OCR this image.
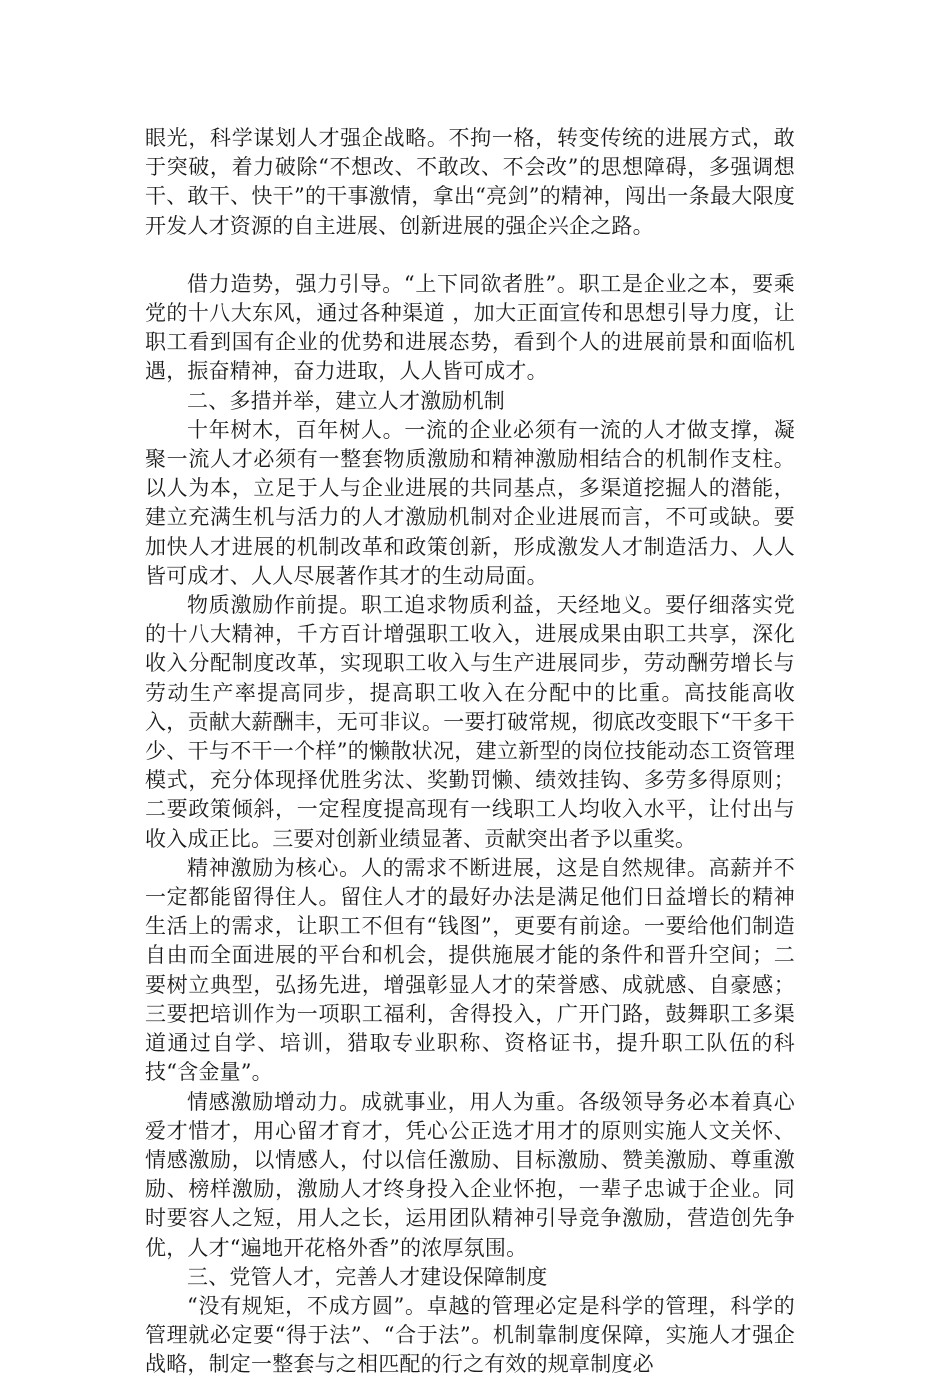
眼光，科学谋划人才强企战略。不拘一格，转变传统的进展方式，敢于突破，着力破除“不想改、不敢改、不会改”的思想障碍，多强调想干、敢干、快干”的干事激情，拿出“亮剑”的精神，闯出一条最大限度开发人才资源的自主进展、创新进展的强企兴企之路。

借力造势，强力引导。“上下同欲者胜”。职工是企业之本，要乘党的十八大东风，通过各种渠道 ，加大正面宣传和思想引导力度，让职工看到国有企业的优势和进展态势，看到个人的进展前景和面临机遇，振奋精神，奋力进取，人人皆可成才。

二、多措并举，建立人才激励机制

十年树木，百年树人。一流的企业必须有一流的人才做支撑，凝聚一流人才必须有一整套物质激励和精神激励相结合的机制作支柱。以人为本，立足于人与企业进展的共同基点，多渠道挖掘人的潜能，建立充满生机与活力的人才激励机制对企业进展而言，不可或缺。要加快人才进展的机制改革和政策创新，形成激发人才制造活力、人人皆可成才、人人尽展著作其才的生动局面。

物质激励作前提。职工追求物质利益，天经地义。要仔细落实党的十八大精神，千方百计增强职工收入，进展成果由职工共享，深化收入分配制度改革，实现职工收入与生产进展同步，劳动酬劳增长与劳动生产率提高同步，提高职工收入在分配中的比重。高技能高收入，贡献大薪酬丰，无可非议。一要打破常规，彻底改变眼下“干多干少、干与不干一个样”的懒散状况，建立新型的岗位技能动态工资管理模式，充分体现择优胜劣汰、奖勤罚懒、绩效挂钩、多劳多得原则；二要政策倾斜，一定程度提高现有一线职工人均收入水平，让付出与收入成正比。三要对创新业绩显著、贡献突出者予以重奖。

精神激励为核心。人的需求不断进展，这是自然规律。高薪并不一定都能留得住人。留住人才的最好办法是满足他们日益增长的精神生活上的需求，让职工不但有“钱图”，更要有前途。一要给他们制造自由而全面进展的平台和机会，提供施展才能的条件和晋升空间；二要树立典型，弘扬先进，增强彰显人才的荣誉感、成就感、自豪感；三要把培训作为一项职工福利，舍得投入，广开门路，鼓舞职工多渠道通过自学、培训，猎取专业职称、资格证书，提升职工队伍的科技“含金量”。

情感激励增动力。成就事业，用人为重。各级领导务必本着真心爱才惜才，用心留才育才，凭心公正选才用才的原则实施人文关怀、情感激励，以情感人，付以信任激励、目标激励、赞美激励、尊重激励、榜样激励，激励人才终身投入企业怀抱，一辈子忠诚于企业。同时要容人之短，用人之长，运用团队精神引导竞争激励，营造创先争优，人才“遍地开花格外香”的浓厚氛围。

三、党管人才，完善人才建设保障制度

“没有规矩，不成方圆”。卓越的管理必定是科学的管理，科学的管理就必定要“得于法”、“合于法”。机制靠制度保障，实施人才强企战略，制定一整套与之相匹配的行之有效的规章制度必
